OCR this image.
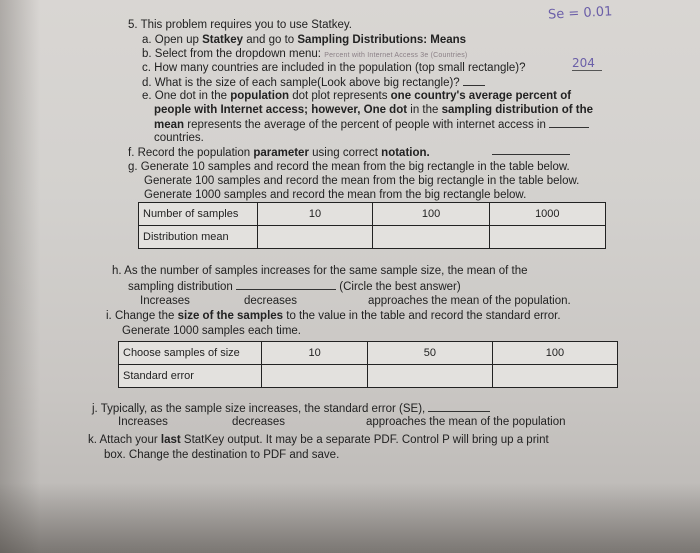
Se = 0.01
5. This problem requires you to use Statkey.
a. Open up Statkey and go to Sampling Distributions: Means
b. Select from the dropdown menu: Percent with Internet Access 3e (Countries)
c. How many countries are included in the population (top small rectangle)?	204
d. What is the size of each sample(Look above big rectangle)?
e. One dot in the population dot plot represents one country's average percent of
people with Internet access; however, One dot in the sampling distribution of the
mean represents the average of the percent of people with internet access in
countries.
f. Record the population parameter using correct notation.
g. Generate 10 samples and record the mean from the big rectangle in the table below.
Generate 100 samples and record the mean from the big rectangle in the table below.
Generate 1000 samples and record the mean from the big rectangle below.
Number of samples	10	100	1000
Distribution mean			
h. As the number of samples increases for the same sample size, the mean of the
sampling distribution	(Circle the best answer)
Increases	decreases	approaches the mean of the population.
i. Change the size of the samples to the value in the table and record the standard error.
Generate 1000 samples each time.
Choose samples of size	10	50	100
Standard error			
j. Typically, as the sample size increases, the standard error (SE),
Increases	decreases	approaches the mean of the population
k. Attach your last StatKey output. It may be a separate PDF. Control P will bring up a print
box. Change the destination to PDF and save.
